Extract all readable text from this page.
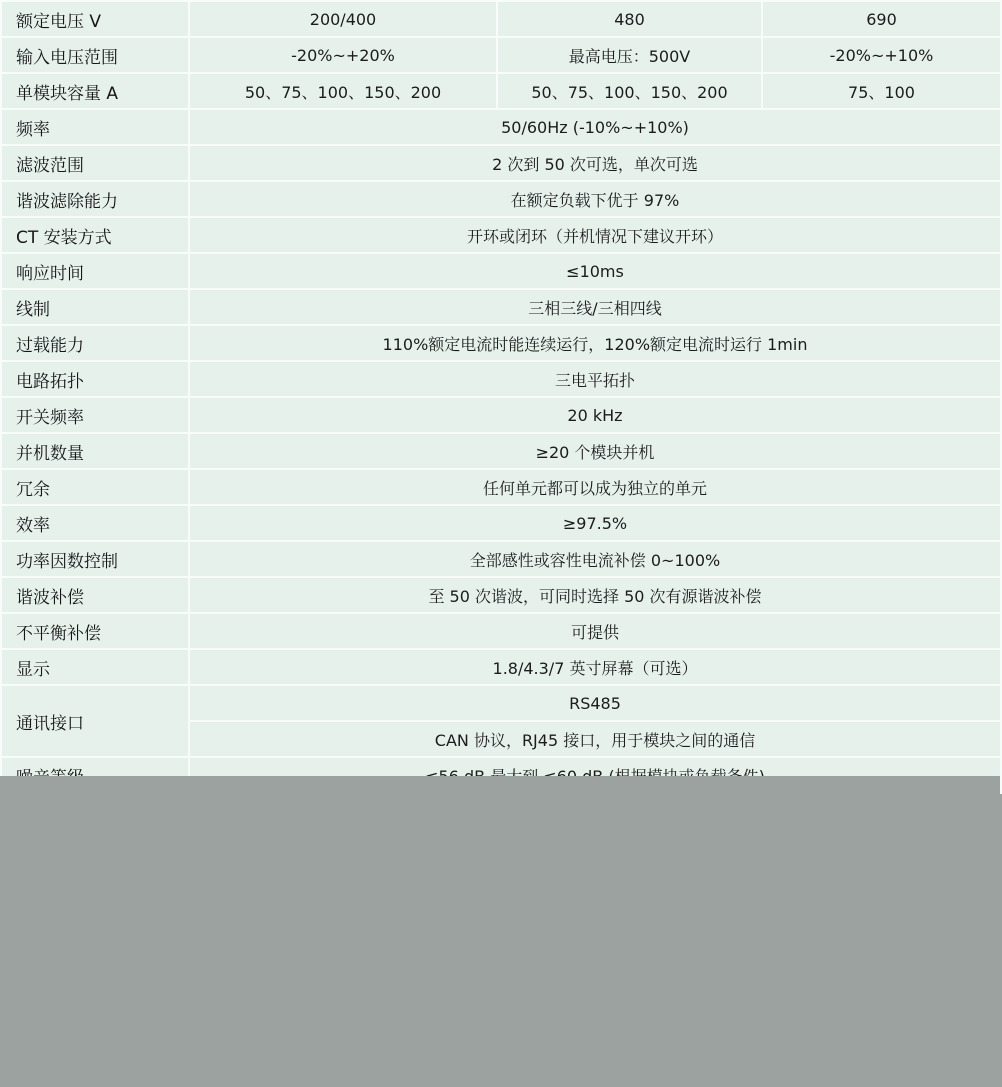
额定电压 V	200/400	480	690
输入电压范围	-20%~+20%	最高电压：500V	-20%~+10%
单模块容量 A	50、75、100、150、200	50、75、100、150、200	75、100
频率	50/60Hz (-10%~+10%)		
滤波范围	2 次到 50 次可选，单次可选		
谐波滤除能力	在额定负载下优于 97%		
CT 安装方式	开环或闭环（并机情况下建议开环）		
响应时间	≤10ms		
线制	三相三线/三相四线		
过载能力	110%额定电流时能连续运行，120%额定电流时运行 1min		
电路拓扑	三电平拓扑		
开关频率	20 kHz		
并机数量	≥20 个模块并机		
冗余	任何单元都可以成为独立的单元		
效率	≥97.5%		
功率因数控制	全部感性或容性电流补偿 0~100%		
谐波补偿	至 50 次谐波，可同时选择 50 次有源谐波补偿		
不平衡补偿	可提供		
显示	1.8/4.3/7 英寸屏幕（可选）		
通讯接口	RS485		
	CAN 协议，RJ45 接口，用于模块之间的通信		
